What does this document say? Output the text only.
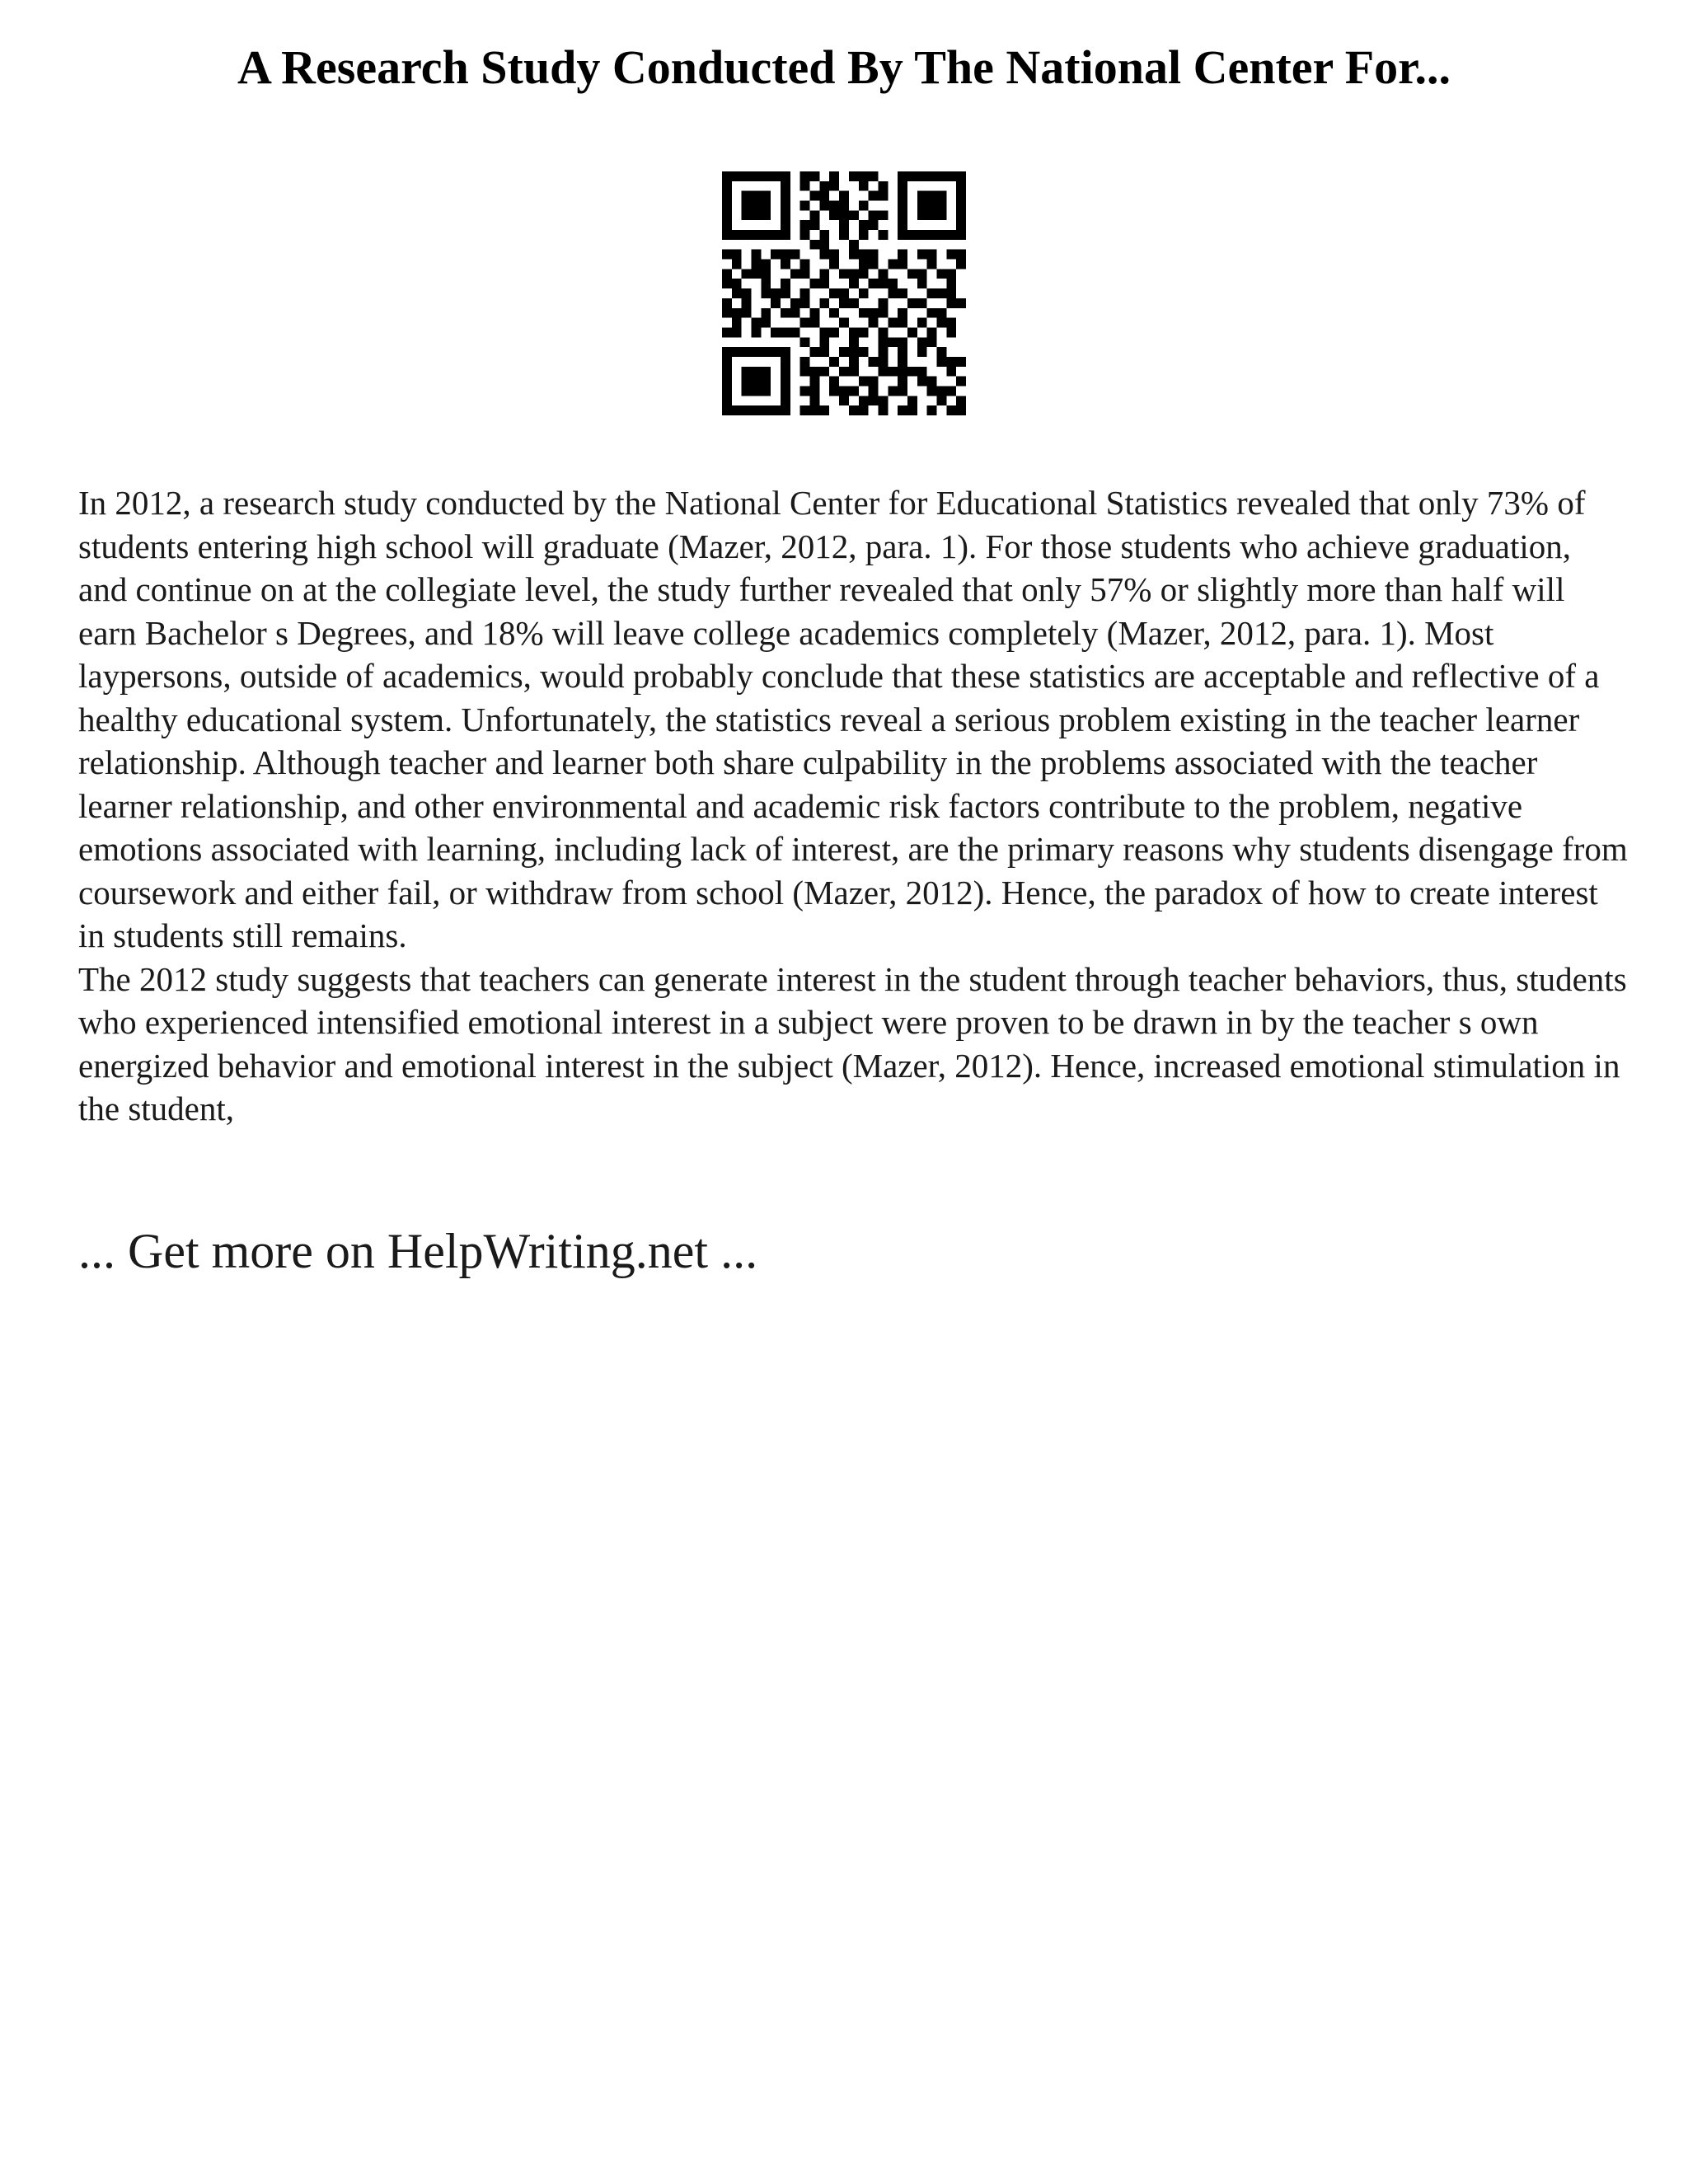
A Research Study Conducted By The National Center For...

In 2012, a research study conducted by the National Center for Educational Statistics revealed that only 73% of students entering high school will graduate (Mazer, 2012, para. 1). For those students who achieve graduation, and continue on at the collegiate level, the study further revealed that only 57% or slightly more than half will earn Bachelor s Degrees, and 18% will leave college academics completely (Mazer, 2012, para. 1). Most laypersons, outside of academics, would probably conclude that these statistics are acceptable and reflective of a healthy educational system. Unfortunately, the statistics reveal a serious problem existing in the teacher learner relationship. Although teacher and learner both share culpability in the problems associated with the teacher learner relationship, and other environmental and academic risk factors contribute to the problem, negative emotions associated with learning, including lack of interest, are the primary reasons why students disengage from coursework and either fail, or withdraw from school (Mazer, 2012). Hence, the paradox of how to create interest in students still remains.

The 2012 study suggests that teachers can generate interest in the student through teacher behaviors, thus, students who experienced intensified emotional interest in a subject were proven to be drawn in by the teacher s own energized behavior and emotional interest in the subject (Mazer, 2012). Hence, increased emotional stimulation in the student,

... Get more on HelpWriting.net ...
